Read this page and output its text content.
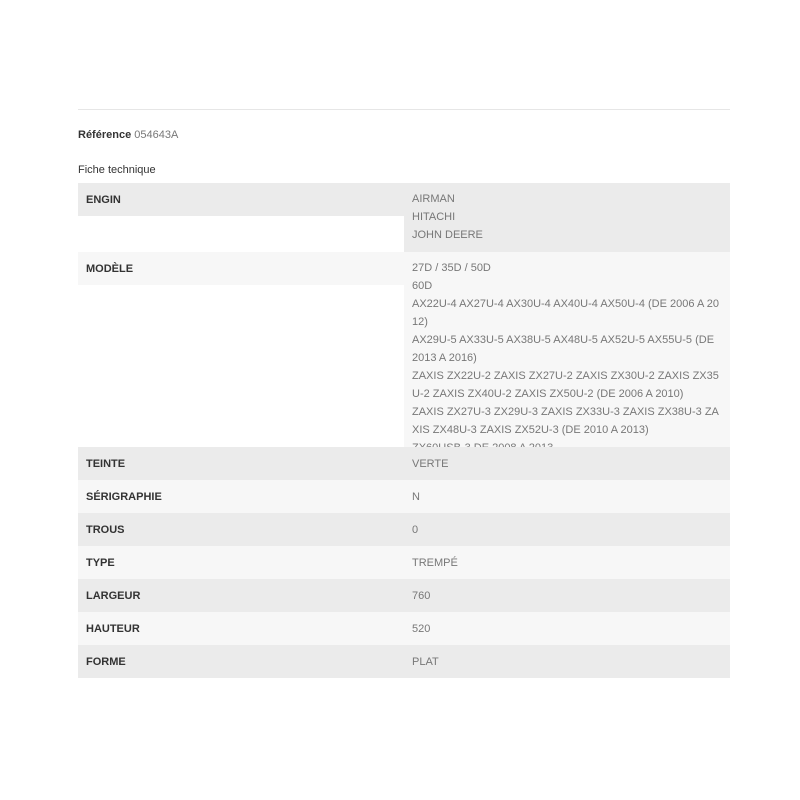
Référence 054643A
Fiche technique
ENGIN	AIRMAN
HITACHI
JOHN DEERE
MODÈLE	27D / 35D / 50D
60D
AX22U-4 AX27U-4 AX30U-4 AX40U-4 AX50U-4 (DE 2006 A 2012)
AX29U-5 AX33U-5 AX38U-5 AX48U-5 AX52U-5 AX55U-5 (DE 2013 A 2016)
ZAXIS ZX22U-2 ZAXIS ZX27U-2 ZAXIS ZX30U-2 ZAXIS ZX35U-2 ZAXIS ZX40U-2 ZAXIS ZX50U-2 (DE 2006 A 2010)
ZAXIS ZX27U-3 ZX29U-3 ZAXIS ZX33U-3 ZAXIS ZX38U-3 ZAXIS ZX48U-3 ZAXIS ZX52U-3 (DE 2010 A 2013)
TEINTE	VERTE
SÉRIGRAPHIE	N
TROUS	0
TYPE	TREMPÉ
LARGEUR	760
HAUTEUR	520
FORME	PLAT
